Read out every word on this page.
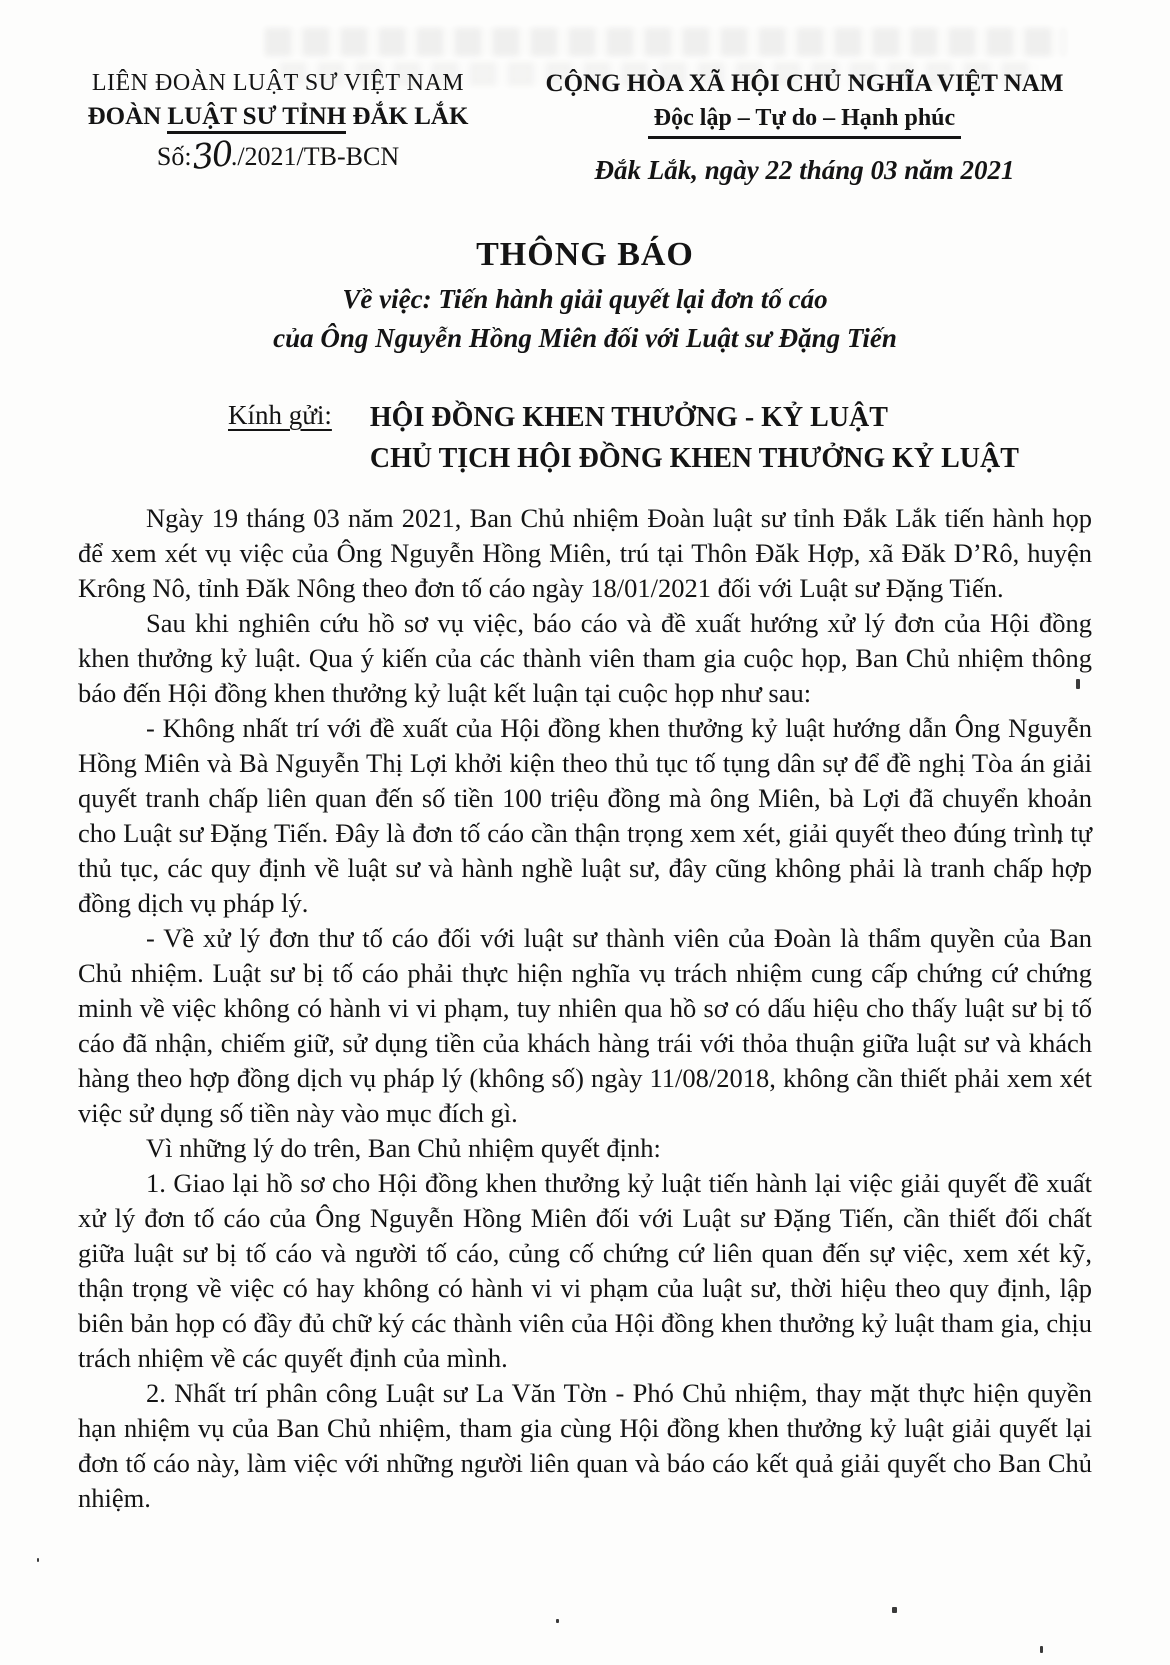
LIÊN ĐOÀN LUẬT SƯ VIỆT NAM
ĐOÀN LUẬT SƯ TỈNH ĐẮK LẮK
Số:30./2021/TB-BCN
CỘNG HÒA XÃ HỘI CHỦ NGHĨA VIỆT NAM
Độc lập – Tự do – Hạnh phúc
Đắk Lắk, ngày 22 tháng 03 năm 2021
THÔNG BÁO
Về việc: Tiến hành giải quyết lại đơn tố cáo
của Ông Nguyễn Hồng Miên đối với Luật sư Đặng Tiến
Kính gửi: HỘI ĐỒNG KHEN THƯỞNG - KỶ LUẬT
CHỦ TỊCH HỘI ĐỒNG KHEN THƯỞNG KỶ LUẬT

Ngày 19 tháng 03 năm 2021, Ban Chủ nhiệm Đoàn luật sư tỉnh Đắk Lắk tiến hành họp để xem xét vụ việc của Ông Nguyễn Hồng Miên, trú tại Thôn Đăk Hợp, xã Đăk D’Rô, huyện Krông Nô, tỉnh Đăk Nông theo đơn tố cáo ngày 18/01/2021 đối với Luật sư Đặng Tiến.

Sau khi nghiên cứu hồ sơ vụ việc, báo cáo và đề xuất hướng xử lý đơn của Hội đồng khen thưởng kỷ luật. Qua ý kiến của các thành viên tham gia cuộc họp, Ban Chủ nhiệm thông báo đến Hội đồng khen thưởng kỷ luật kết luận tại cuộc họp như sau:

- Không nhất trí với đề xuất của Hội đồng khen thưởng kỷ luật hướng dẫn Ông Nguyễn Hồng Miên và Bà Nguyễn Thị Lợi khởi kiện theo thủ tục tố tụng dân sự để đề nghị Tòa án giải quyết tranh chấp liên quan đến số tiền 100 triệu đồng mà ông Miên, bà Lợi đã chuyển khoản cho Luật sư Đặng Tiến. Đây là đơn tố cáo cần thận trọng xem xét, giải quyết theo đúng trình tự thủ tục, các quy định về luật sư và hành nghề luật sư, đây cũng không phải là tranh chấp hợp đồng dịch vụ pháp lý.

- Về xử lý đơn thư tố cáo đối với luật sư thành viên của Đoàn là thẩm quyền của Ban Chủ nhiệm. Luật sư bị tố cáo phải thực hiện nghĩa vụ trách nhiệm cung cấp chứng cứ chứng minh về việc không có hành vi vi phạm, tuy nhiên qua hồ sơ có dấu hiệu cho thấy luật sư bị tố cáo đã nhận, chiếm giữ, sử dụng tiền của khách hàng trái với thỏa thuận giữa luật sư và khách hàng theo hợp đồng dịch vụ pháp lý (không số) ngày 11/08/2018, không cần thiết phải xem xét việc sử dụng số tiền này vào mục đích gì.

Vì những lý do trên, Ban Chủ nhiệm quyết định:

1. Giao lại hồ sơ cho Hội đồng khen thưởng kỷ luật tiến hành lại việc giải quyết đề xuất xử lý đơn tố cáo của Ông Nguyễn Hồng Miên đối với Luật sư Đặng Tiến, cần thiết đối chất giữa luật sư bị tố cáo và người tố cáo, củng cố chứng cứ liên quan đến sự việc, xem xét kỹ, thận trọng về việc có hay không có hành vi vi phạm của luật sư, thời hiệu theo quy định, lập biên bản họp có đầy đủ chữ ký các thành viên của Hội đồng khen thưởng kỷ luật tham gia, chịu trách nhiệm về các quyết định của mình.

2. Nhất trí phân công Luật sư La Văn Tờn - Phó Chủ nhiệm, thay mặt thực hiện quyền hạn nhiệm vụ của Ban Chủ nhiệm, tham gia cùng Hội đồng khen thưởng kỷ luật giải quyết lại đơn tố cáo này, làm việc với những người liên quan và báo cáo kết quả giải quyết cho Ban Chủ nhiệm.
